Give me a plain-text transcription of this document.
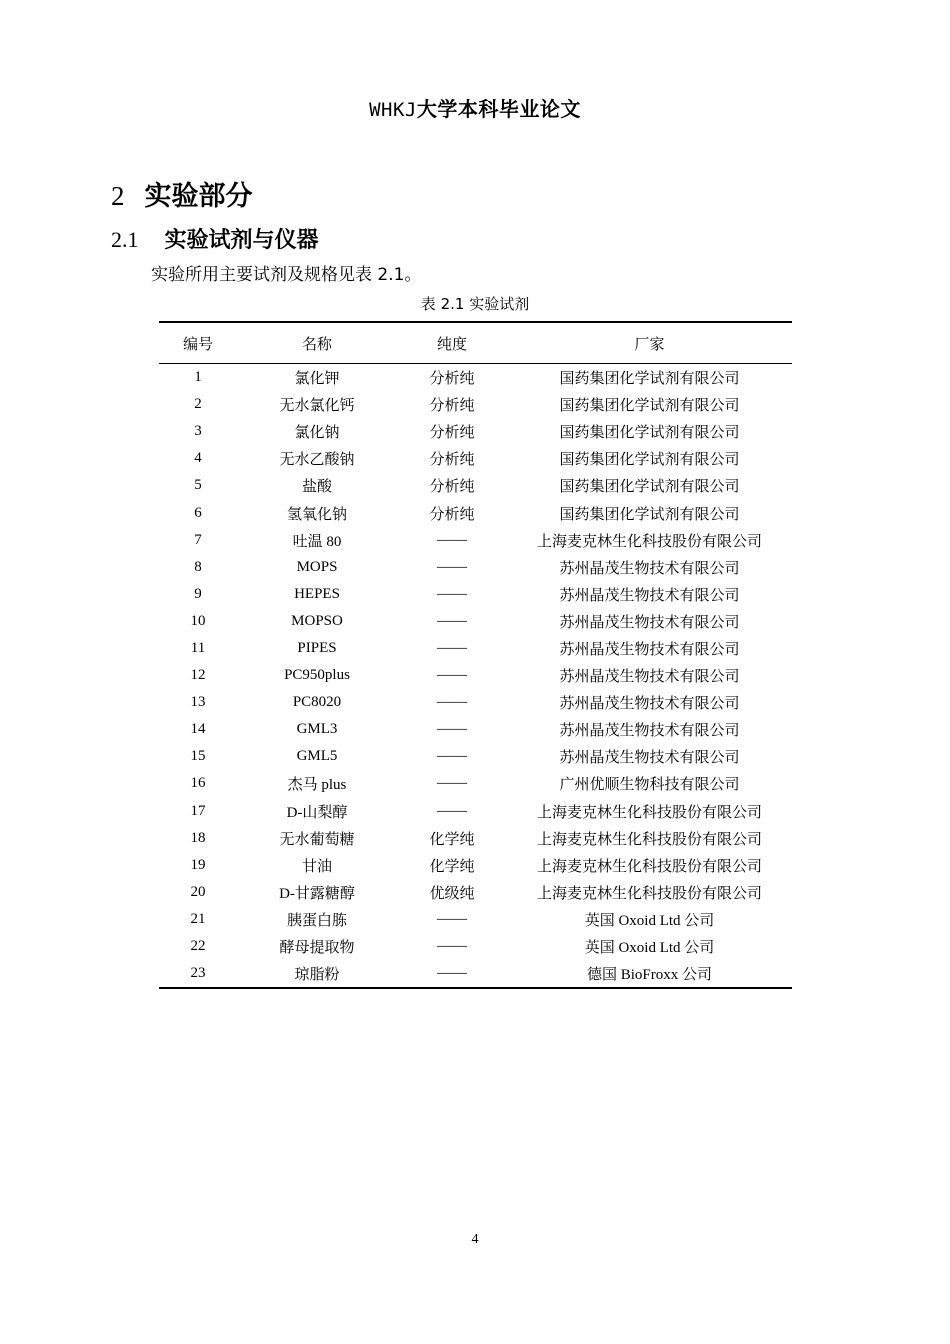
WHKJ大学本科毕业论文
2 实验部分
2.1 实验试剂与仪器
实验所用主要试剂及规格见表 2.1。
表 2.1 实验试剂
编号	名称	纯度	厂家
1	氯化钾	分析纯	国药集团化学试剂有限公司
2	无水氯化钙	分析纯	国药集团化学试剂有限公司
3	氯化钠	分析纯	国药集团化学试剂有限公司
4	无水乙酸钠	分析纯	国药集团化学试剂有限公司
5	盐酸	分析纯	国药集团化学试剂有限公司
6	氢氧化钠	分析纯	国药集团化学试剂有限公司
7	吐温 80	——	上海麦克林生化科技股份有限公司
8	MOPS	——	苏州晶茂生物技术有限公司
9	HEPES	——	苏州晶茂生物技术有限公司
10	MOPSO	——	苏州晶茂生物技术有限公司
11	PIPES	——	苏州晶茂生物技术有限公司
12	PC950plus	——	苏州晶茂生物技术有限公司
13	PC8020	——	苏州晶茂生物技术有限公司
14	GML3	——	苏州晶茂生物技术有限公司
15	GML5	——	苏州晶茂生物技术有限公司
16	杰马 plus	——	广州优顺生物科技有限公司
17	D-山梨醇	——	上海麦克林生化科技股份有限公司
18	无水葡萄糖	化学纯	上海麦克林生化科技股份有限公司
19	甘油	化学纯	上海麦克林生化科技股份有限公司
20	D-甘露糖醇	优级纯	上海麦克林生化科技股份有限公司
21	胰蛋白胨	——	英国 Oxoid Ltd 公司
22	酵母提取物	——	英国 Oxoid Ltd 公司
23	琼脂粉	——	德国 BioFroxx 公司
4
